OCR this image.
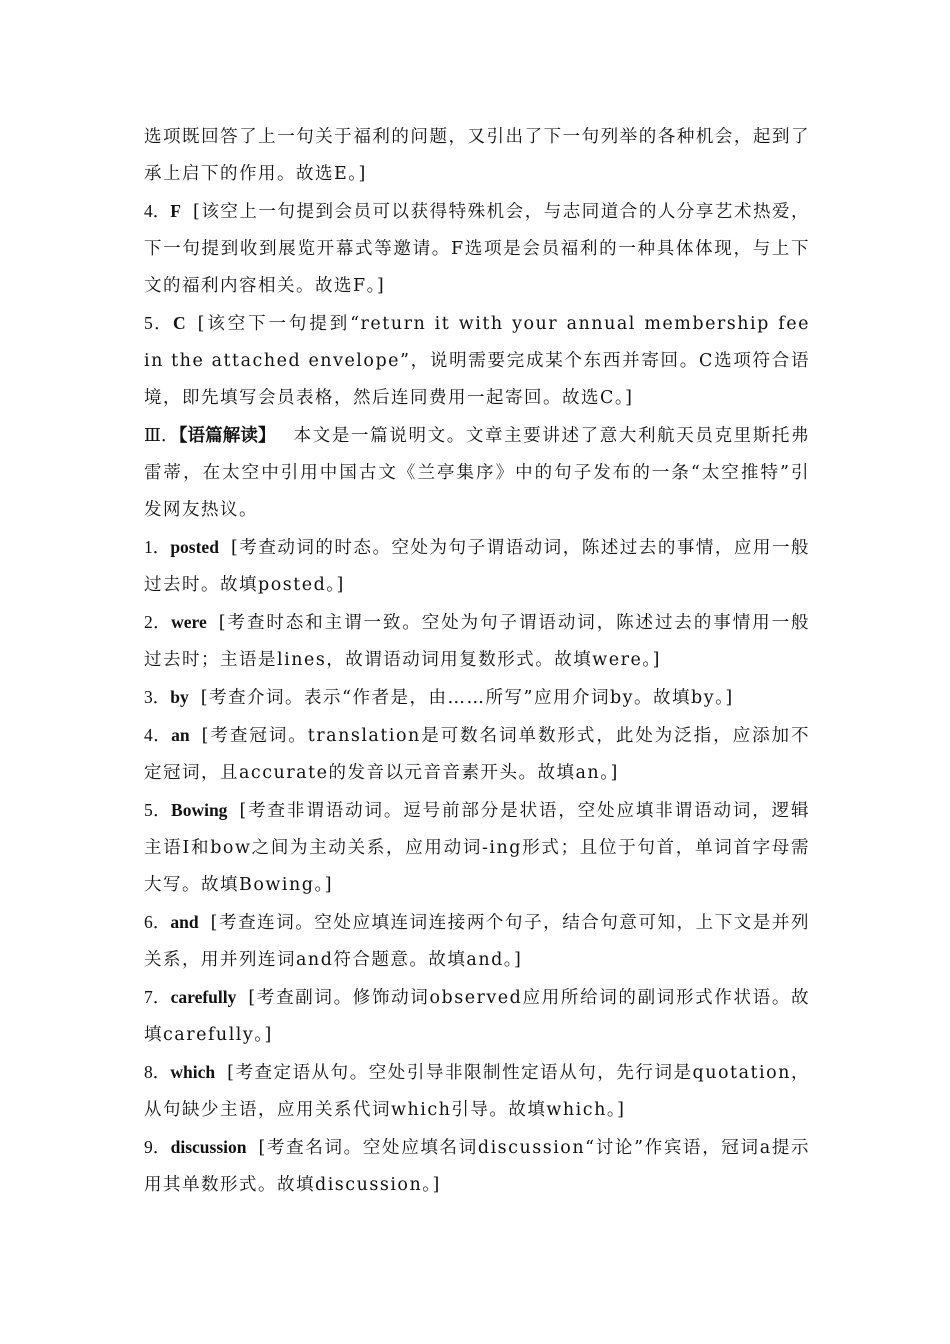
选项既回答了上一句关于福利的问题，又引出了下一句列举的各种机会，起到了承上启下的作用。故选E。]

4．F [该空上一句提到会员可以获得特殊机会，与志同道合的人分享艺术热爱，下一句提到收到展览开幕式等邀请。F选项是会员福利的一种具体体现，与上下文的福利内容相关。故选F。]

5．C [该空下一句提到“return it with your annual membership fee in the attached envelope”，说明需要完成某个东西并寄回。C选项符合语境，即先填写会员表格，然后连同费用一起寄回。故选C。]

Ⅲ．【语篇解读】 本文是一篇说明文。文章主要讲述了意大利航天员克里斯托弗雷蒂，在太空中引用中国古文《兰亭集序》中的句子发布的一条“太空推特”引发网友热议。

1．posted [考查动词的时态。空处为句子谓语动词，陈述过去的事情，应用一般过去时。故填posted。]

2．were [考查时态和主谓一致。空处为句子谓语动词，陈述过去的事情用一般过去时；主语是lines，故谓语动词用复数形式。故填were。]

3．by [考查介词。表示“作者是，由……所写”应用介词by。故填by。]

4．an [考查冠词。translation是可数名词单数形式，此处为泛指，应添加不定冠词，且accurate的发音以元音音素开头。故填an。]

5．Bowing [考查非谓语动词。逗号前部分是状语，空处应填非谓语动词，逻辑主语I和bow之间为主动关系，应用动词-ing形式；且位于句首，单词首字母需大写。故填Bowing。]

6．and [考查连词。空处应填连词连接两个句子，结合句意可知，上下文是并列关系，用并列连词and符合题意。故填and。]

7．carefully [考查副词。修饰动词observed应用所给词的副词形式作状语。故填carefully。]

8．which [考查定语从句。空处引导非限制性定语从句，先行词是quotation，从句缺少主语，应用关系代词which引导。故填which。]

9．discussion [考查名词。空处应填名词discussion“讨论”作宾语，冠词a提示用其单数形式。故填discussion。]
